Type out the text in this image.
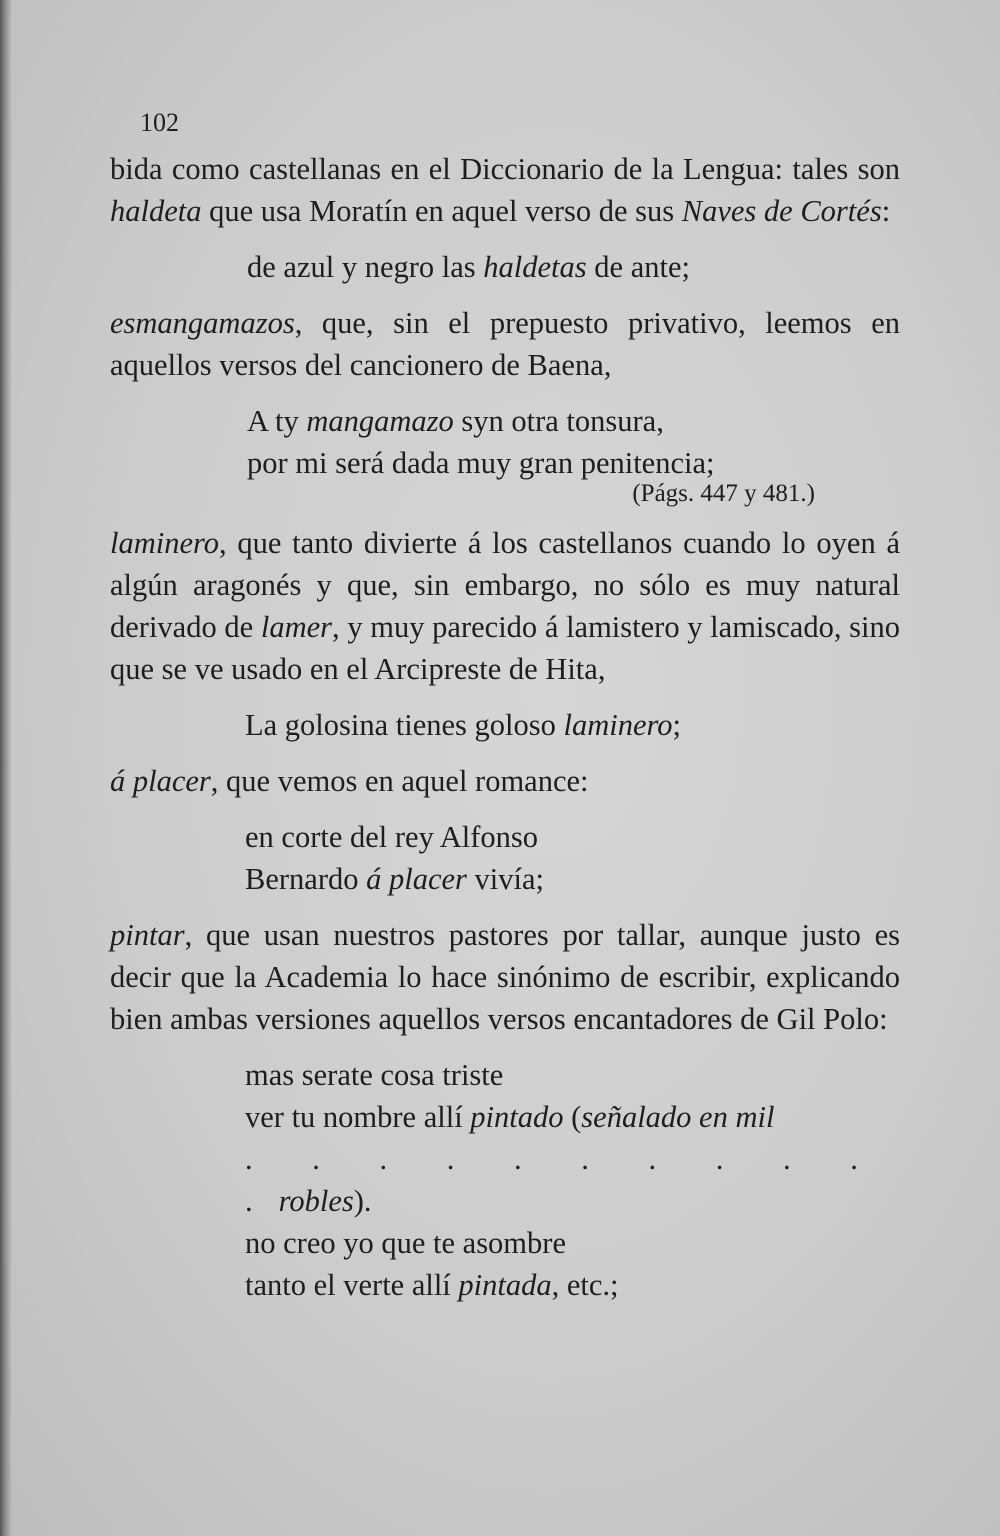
102

bida como castellanas en el Diccionario de la Lengua: tales son haldeta que usa Moratín en aquel verso de sus Naves de Cortés:

de azul y negro las haldetas de ante;

esmangamazos, que, sin el prepuesto privativo, leemos en aquellos versos del cancionero de Baena,

A ty mangamazo syn otra tonsura,
por mi será dada muy gran penitencia;
(Págs. 447 y 481.)

laminero, que tanto divierte á los castellanos cuando lo oyen á algún aragonés y que, sin embargo, no sólo es muy natural derivado de lamer, y muy parecido á lamistero y lamiscado, sino que se ve usado en el Arcipreste de Hita,

La golosina tienes goloso laminero;

á placer, que vemos en aquel romance:

en corte del rey Alfonso
Bernardo á placer vivía;

pintar, que usan nuestros pastores por tallar, aunque justo es decir que la Academia lo hace sinónimo de escribir, explicando bien ambas versiones aquellos versos encantadores de Gil Polo:

mas serate cosa triste
ver tu nombre allí pintado (señalado en mil
. . . . . . . . . . .robles).
no creo yo que te asombre
tanto el verte allí pintada, etc.;
